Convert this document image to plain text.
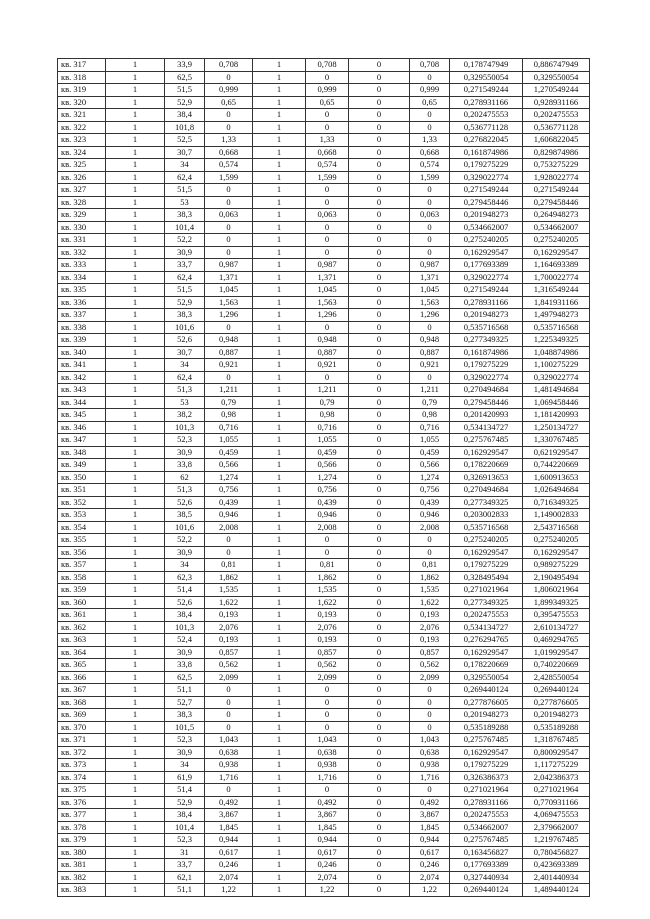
кв. 317	1	33,9	0,708	1	0,708	0	0,708	0,178747949	0,886747949
кв. 318	1	62,5	0	1	0	0	0	0,329550054	0,329550054
кв. 319	1	51,5	0,999	1	0,999	0	0,999	0,271549244	1,270549244
кв. 320	1	52,9	0,65	1	0,65	0	0,65	0,278931166	0,928931166
кв. 321	1	38,4	0	1	0	0	0	0,202475553	0,202475553
кв. 322	1	101,8	0	1	0	0	0	0,536771128	0,536771128
кв. 323	1	52,5	1,33	1	1,33	0	1,33	0,276822045	1,606822045
кв. 324	1	30,7	0,668	1	0,668	0	0,668	0,161874986	0,829874986
кв. 325	1	34	0,574	1	0,574	0	0,574	0,179275229	0,753275229
кв. 326	1	62,4	1,599	1	1,599	0	1,599	0,329022774	1,928022774
кв. 327	1	51,5	0	1	0	0	0	0,271549244	0,271549244
кв. 328	1	53	0	1	0	0	0	0,279458446	0,279458446
кв. 329	1	38,3	0,063	1	0,063	0	0,063	0,201948273	0,264948273
кв. 330	1	101,4	0	1	0	0	0	0,534662007	0,534662007
кв. 331	1	52,2	0	1	0	0	0	0,275240205	0,275240205
кв. 332	1	30,9	0	1	0	0	0	0,162929547	0,162929547
кв. 333	1	33,7	0,987	1	0,987	0	0,987	0,177693389	1,164693389
кв. 334	1	62,4	1,371	1	1,371	0	1,371	0,329022774	1,700022774
кв. 335	1	51,5	1,045	1	1,045	0	1,045	0,271549244	1,316549244
кв. 336	1	52,9	1,563	1	1,563	0	1,563	0,278931166	1,841931166
кв. 337	1	38,3	1,296	1	1,296	0	1,296	0,201948273	1,497948273
кв. 338	1	101,6	0	1	0	0	0	0,535716568	0,535716568
кв. 339	1	52,6	0,948	1	0,948	0	0,948	0,277349325	1,225349325
кв. 340	1	30,7	0,887	1	0,887	0	0,887	0,161874986	1,048874986
кв. 341	1	34	0,921	1	0,921	0	0,921	0,179275229	1,100275229
кв. 342	1	62,4	0	1	0	0	0	0,329022774	0,329022774
кв. 343	1	51,3	1,211	1	1,211	0	1,211	0,270494684	1,481494684
кв. 344	1	53	0,79	1	0,79	0	0,79	0,279458446	1,069458446
кв. 345	1	38,2	0,98	1	0,98	0	0,98	0,201420993	1,181420993
кв. 346	1	101,3	0,716	1	0,716	0	0,716	0,534134727	1,250134727
кв. 347	1	52,3	1,055	1	1,055	0	1,055	0,275767485	1,330767485
кв. 348	1	30,9	0,459	1	0,459	0	0,459	0,162929547	0,621929547
кв. 349	1	33,8	0,566	1	0,566	0	0,566	0,178220669	0,744220669
кв. 350	1	62	1,274	1	1,274	0	1,274	0,326913653	1,600913653
кв. 351	1	51,3	0,756	1	0,756	0	0,756	0,270494684	1,026494684
кв. 352	1	52,6	0,439	1	0,439	0	0,439	0,277349325	0,716349325
кв. 353	1	38,5	0,946	1	0,946	0	0,946	0,203002833	1,149002833
кв. 354	1	101,6	2,008	1	2,008	0	2,008	0,535716568	2,543716568
кв. 355	1	52,2	0	1	0	0	0	0,275240205	0,275240205
кв. 356	1	30,9	0	1	0	0	0	0,162929547	0,162929547
кв. 357	1	34	0,81	1	0,81	0	0,81	0,179275229	0,989275229
кв. 358	1	62,3	1,862	1	1,862	0	1,862	0,328495494	2,190495494
кв. 359	1	51,4	1,535	1	1,535	0	1,535	0,271021964	1,806021964
кв. 360	1	52,6	1,622	1	1,622	0	1,622	0,277349325	1,899349325
кв. 361	1	38,4	0,193	1	0,193	0	0,193	0,202475553	0,395475553
кв. 362	1	101,3	2,076	1	2,076	0	2,076	0,534134727	2,610134727
кв. 363	1	52,4	0,193	1	0,193	0	0,193	0,276294765	0,469294765
кв. 364	1	30,9	0,857	1	0,857	0	0,857	0,162929547	1,019929547
кв. 365	1	33,8	0,562	1	0,562	0	0,562	0,178220669	0,740220669
кв. 366	1	62,5	2,099	1	2,099	0	2,099	0,329550054	2,428550054
кв. 367	1	51,1	0	1	0	0	0	0,269440124	0,269440124
кв. 368	1	52,7	0	1	0	0	0	0,277876605	0,277876605
кв. 369	1	38,3	0	1	0	0	0	0,201948273	0,201948273
кв. 370	1	101,5	0	1	0	0	0	0,535189288	0,535189288
кв. 371	1	52,3	1,043	1	1,043	0	1,043	0,275767485	1,318767485
кв. 372	1	30,9	0,638	1	0,638	0	0,638	0,162929547	0,800929547
кв. 373	1	34	0,938	1	0,938	0	0,938	0,179275229	1,117275229
кв. 374	1	61,9	1,716	1	1,716	0	1,716	0,326386373	2,042386373
кв. 375	1	51,4	0	1	0	0	0	0,271021964	0,271021964
кв. 376	1	52,9	0,492	1	0,492	0	0,492	0,278931166	0,770931166
кв. 377	1	38,4	3,867	1	3,867	0	3,867	0,202475553	4,069475553
кв. 378	1	101,4	1,845	1	1,845	0	1,845	0,534662007	2,379662007
кв. 379	1	52,3	0,944	1	0,944	0	0,944	0,275767485	1,219767485
кв. 380	1	31	0,617	1	0,617	0	0,617	0,163456827	0,780456827
кв. 381	1	33,7	0,246	1	0,246	0	0,246	0,177693389	0,423693389
кв. 382	1	62,1	2,074	1	2,074	0	2,074	0,327440934	2,401440934
кв. 383	1	51,1	1,22	1	1,22	0	1,22	0,269440124	1,489440124
